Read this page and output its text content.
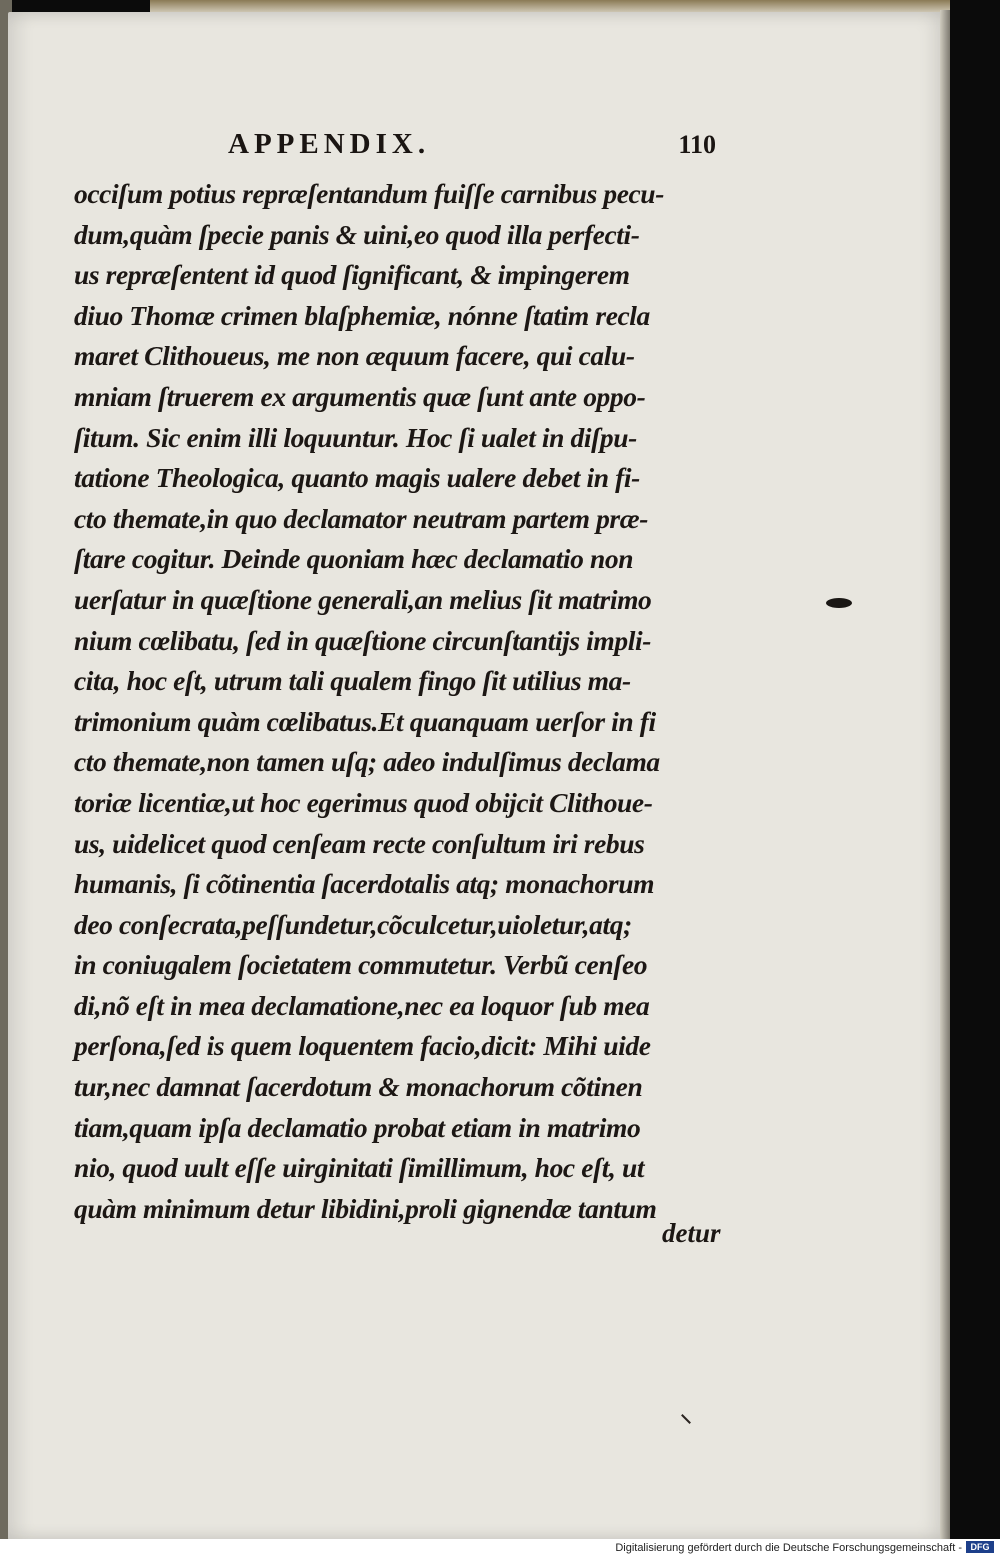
APPENDIX.	110
occiſum potius repræſentandum fuiſſe carnibus pecu-
dum,quàm ſpecie panis & uini,eo quod illa perfecti-
us repræſentent id quod ſignificant, & impingerem
diuo Thomæ crimen blaſphemiæ, nónne ſtatim recla
maret Clithoueus, me non æquum facere, qui calu-
mniam ſtruerem ex argumentis quæ ſunt ante oppo-
ſitum. Sic enim illi loquuntur. Hoc ſi ualet in diſpu-
tatione Theologica, quanto magis ualere debet in fi-
cto themate,in quo declamator neutram partem præ-
ſtare cogitur. Deinde quoniam hæc declamatio non
uerſatur in quæſtione generali,an melius ſit matrimo
nium cœlibatu, ſed in quæſtione circunſtantijs impli-
cita, hoc eſt, utrum tali qualem fingo ſit utilius ma-
trimonium quàm cœlibatus.Et quanquam uerſor in fi
cto themate,non tamen uſq; adeo indulſimus declama
toriæ licentiæ,ut hoc egerimus quod obijcit Clithoue-
us, uidelicet quod cenſeam recte conſultum iri rebus
humanis, ſi cõtinentia ſacerdotalis atq; monachorum
deo conſecrata,peſſundetur,cõculcetur,uioletur,atq;
in coniugalem ſocietatem commutetur. Verbũ cenſeo
di,nõ eſt in mea declamatione,nec ea loquor ſub mea
perſona,ſed is quem loquentem facio,dicit: Mihi uide
tur,nec damnat ſacerdotum & monachorum cõtinen
tiam,quam ipſa declamatio probat etiam in matrimo
nio, quod uult eſſe uirginitati ſimillimum, hoc eſt, ut
quàm minimum detur libidini,proli gignendæ tantum
detur
Digitalisierung gefördert durch die Deutsche Forschungsgemeinschaft - DFG
